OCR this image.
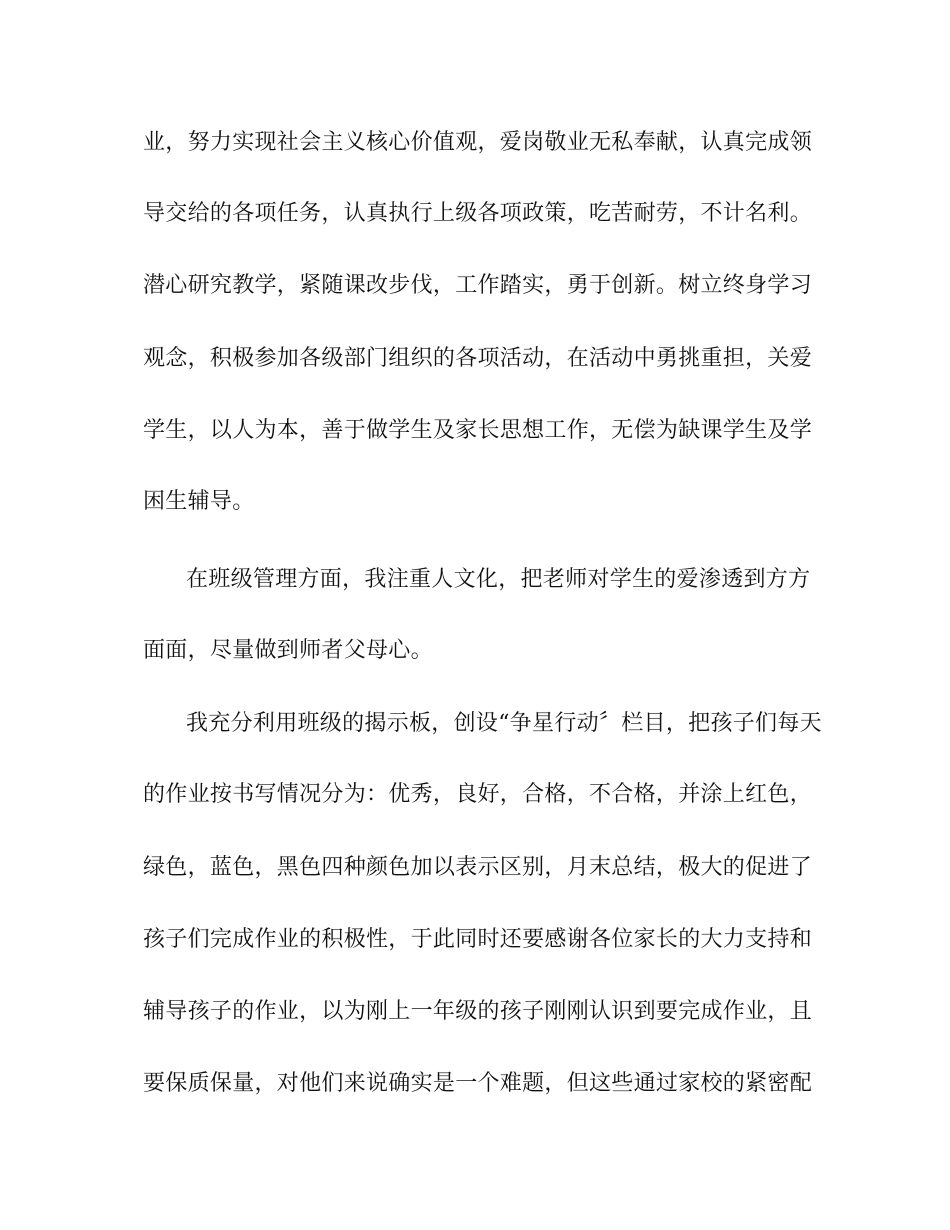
业，努力实现社会主义核心价值观，爱岗敬业无私奉献，认真完成领
导交给的各项任务，认真执行上级各项政策，吃苦耐劳，不计名利。
潜心研究教学，紧随课改步伐，工作踏实，勇于创新。树立终身学习
观念，积极参加各级部门组织的各项活动，在活动中勇挑重担，关爱
学生，以人为本，善于做学生及家长思想工作，无偿为缺课学生及学
困生辅导。
在班级管理方面，我注重人文化，把老师对学生的爱渗透到方方
面面，尽量做到师者父母心。
我充分利用班级的揭示板，创设“争星行动〞栏目，把孩子们每天
的作业按书写情况分为：优秀，良好，合格，不合格，并涂上红色，
绿色，蓝色，黑色四种颜色加以表示区别，月末总结，极大的促进了
孩子们完成作业的积极性，于此同时还要感谢各位家长的大力支持和
辅导孩子的作业，以为刚上一年级的孩子刚刚认识到要完成作业，且
要保质保量，对他们来说确实是一个难题，但这些通过家校的紧密配
